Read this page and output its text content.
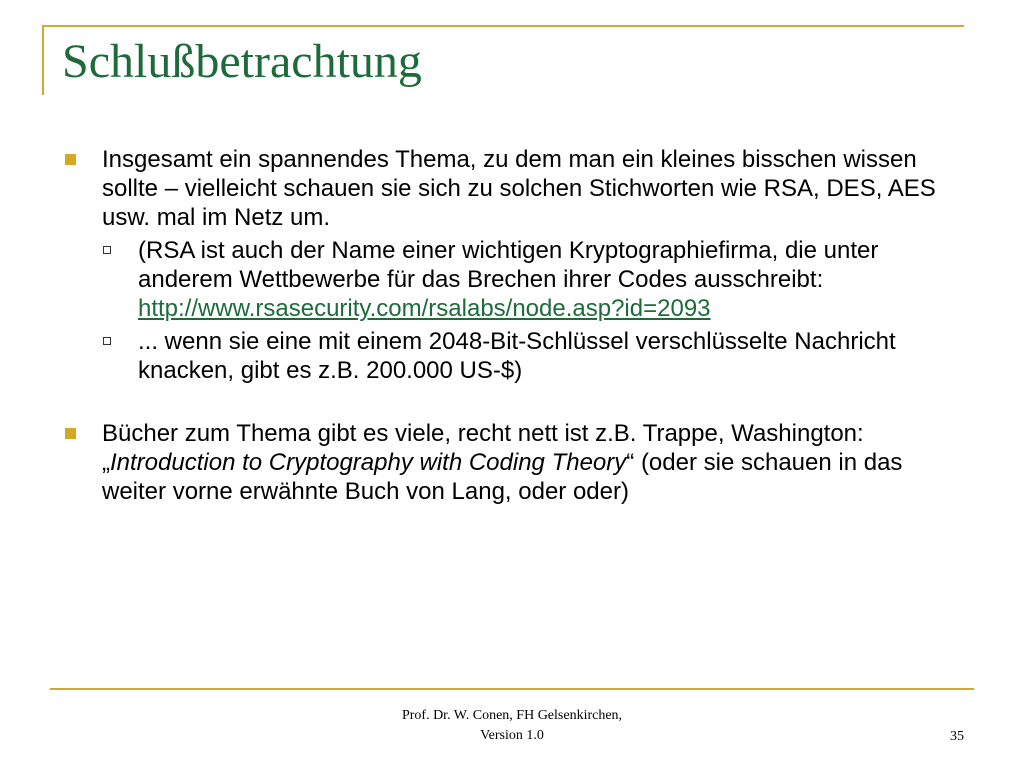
Schlußbetrachtung

Insgesamt ein spannendes Thema, zu dem man ein kleines bisschen wissen sollte – vielleicht schauen sie sich zu solchen Stichworten wie RSA, DES, AES usw. mal im Netz um.

(RSA ist auch der Name einer wichtigen Kryptographiefirma, die unter anderem Wettbewerbe für das Brechen ihrer Codes ausschreibt:
http://www.rsasecurity.com/rsalabs/node.asp?id=2093

... wenn sie eine mit einem 2048-Bit-Schlüssel verschlüsselte Nachricht knacken, gibt es z.B. 200.000 US-$)

Bücher zum Thema gibt es viele, recht nett ist z.B. Trappe, Washington: „Introduction to Cryptography with Coding Theory“ (oder sie schauen in das weiter vorne erwähnte Buch von Lang, oder oder)

Prof. Dr. W. Conen, FH Gelsenkirchen,
Version 1.0	35
